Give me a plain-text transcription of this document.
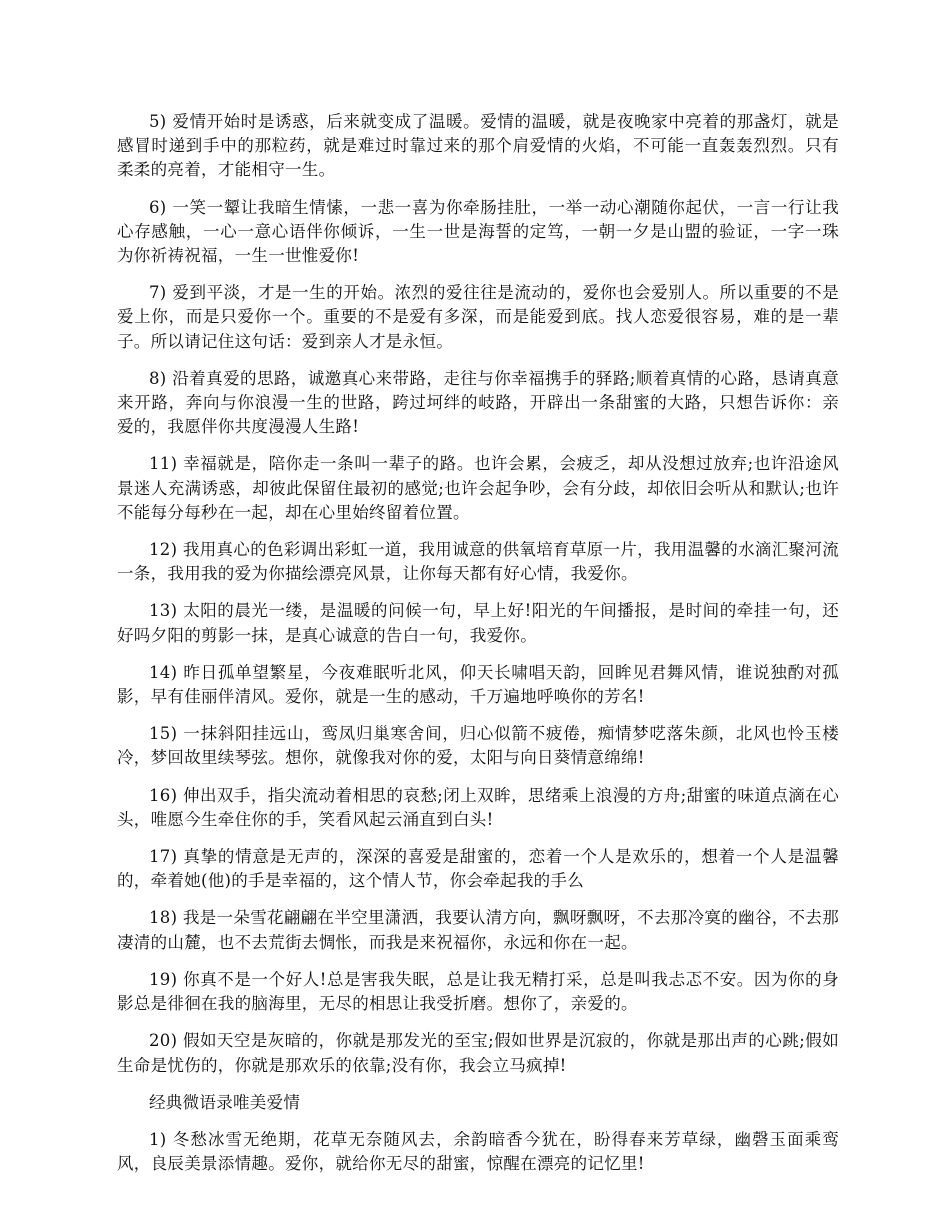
5) 爱情开始时是诱惑，后来就变成了温暖。爱情的温暖，就是夜晚家中亮着的那盏灯，就是感冒时递到手中的那粒药，就是难过时靠过来的那个肩爱情的火焰，不可能一直轰轰烈烈。只有柔柔的亮着，才能相守一生。

6) 一笑一颦让我暗生情愫，一悲一喜为你牵肠挂肚，一举一动心潮随你起伏，一言一行让我心存感触，一心一意心语伴你倾诉，一生一世是海誓的定笃，一朝一夕是山盟的验证，一字一珠为你祈祷祝福，一生一世惟爱你!

7) 爱到平淡，才是一生的开始。浓烈的爱往往是流动的，爱你也会爱别人。所以重要的不是爱上你，而是只爱你一个。重要的不是爱有多深，而是能爱到底。找人恋爱很容易，难的是一辈子。所以请记住这句话：爱到亲人才是永恒。

8) 沿着真爱的思路，诚邀真心来带路，走往与你幸福携手的驿路;顺着真情的心路，恳请真意来开路，奔向与你浪漫一生的世路，跨过坷绊的岐路，开辟出一条甜蜜的大路，只想告诉你：亲爱的，我愿伴你共度漫漫人生路!

11) 幸福就是，陪你走一条叫一辈子的路。也许会累，会疲乏，却从没想过放弃;也许沿途风景迷人充满诱惑，却彼此保留住最初的感觉;也许会起争吵，会有分歧，却依旧会听从和默认;也许不能每分每秒在一起，却在心里始终留着位置。

12) 我用真心的色彩调出彩虹一道，我用诚意的供氧培育草原一片，我用温馨的水滴汇聚河流一条，我用我的爱为你描绘漂亮风景，让你每天都有好心情，我爱你。

13) 太阳的晨光一缕，是温暖的问候一句，早上好!阳光的午间播报，是时间的牵挂一句，还好吗夕阳的剪影一抹，是真心诚意的告白一句，我爱你。

14) 昨日孤单望繁星，今夜难眠听北风，仰天长啸唱天韵，回眸见君舞风情，谁说独酌对孤影，早有佳丽伴清风。爱你，就是一生的感动，千万遍地呼唤你的芳名!

15) 一抹斜阳挂远山，鸾凤归巢寒舍间，归心似箭不疲倦，痴情梦呓落朱颜，北风也怜玉楼冷，梦回故里续琴弦。想你，就像我对你的爱，太阳与向日葵情意绵绵!

16) 伸出双手，指尖流动着相思的哀愁;闭上双眸，思绪乘上浪漫的方舟;甜蜜的味道点滴在心头，唯愿今生牵住你的手，笑看风起云涌直到白头!

17) 真挚的情意是无声的，深深的喜爱是甜蜜的，恋着一个人是欢乐的，想着一个人是温馨的，牵着她(他)的手是幸福的，这个情人节，你会牵起我的手么

18) 我是一朵雪花翩翩在半空里潇洒，我要认清方向，飘呀飘呀，不去那冷寞的幽谷，不去那凄清的山麓，也不去荒街去惆怅，而我是来祝福你，永远和你在一起。

19) 你真不是一个好人!总是害我失眠，总是让我无精打采，总是叫我忐忑不安。因为你的身影总是徘徊在我的脑海里，无尽的相思让我受折磨。想你了，亲爱的。

20) 假如天空是灰暗的，你就是那发光的至宝;假如世界是沉寂的，你就是那出声的心跳;假如生命是忧伤的，你就是那欢乐的依靠;没有你，我会立马疯掉!

经典微语录唯美爱情

1) 冬愁冰雪无绝期，花草无奈随风去，余韵暗香今犹在，盼得春来芳草绿，幽磬玉面乘鸾风，良辰美景添情趣。爱你，就给你无尽的甜蜜，惊醒在漂亮的记忆里!
